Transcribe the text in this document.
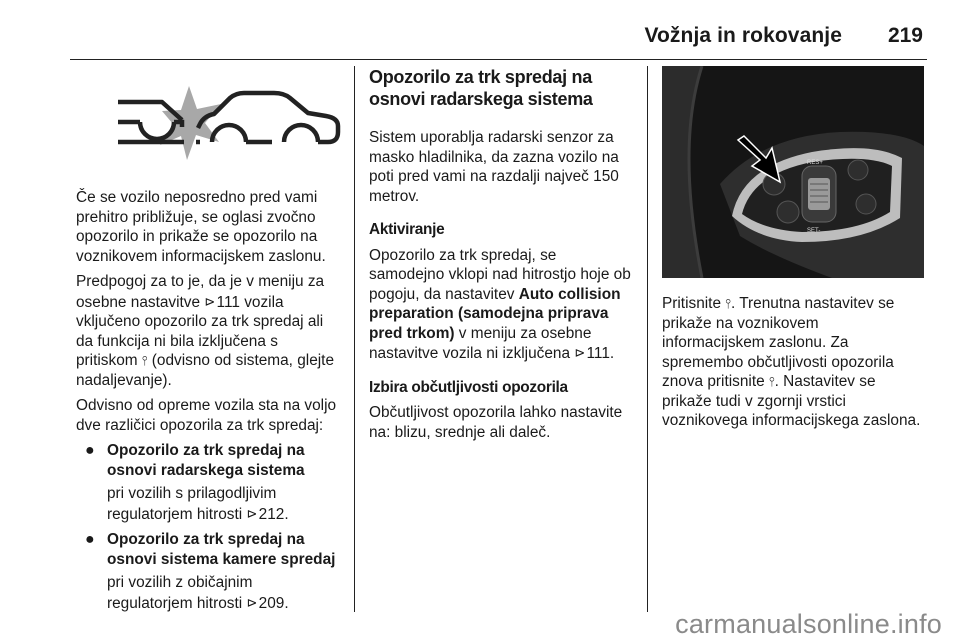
Vožnja in rokovanje 219

Če se vozilo neposredno pred vami prehitro približuje, se oglasi zvočno opozorilo in prikaže se opozorilo na voznikovem informacijskem zaslonu.

Predpogoj za to je, da je v meniju za osebne nastavitve ⊳ 111 vozila vključeno opozorilo za trk spredaj ali da funkcija ni bila izključena s pritiskom ⫯ (odvisno od sistema, glejte nadaljevanje).

Odvisno od opreme vozila sta na voljo dve različici opozorila za trk spredaj:

● Opozorilo za trk spredaj na osnovi radarskega sistema

pri vozilih s prilagodljivim regulatorjem hitrosti ⊳ 212.

● Opozorilo za trk spredaj na osnovi sistema kamere spredaj

pri vozilih z običajnim regulatorjem hitrosti ⊳ 209.

Opozorilo za trk spredaj na osnovi radarskega sistema

Sistem uporablja radarski senzor za masko hladilnika, da zazna vozilo na poti pred vami na razdalji največ 150 metrov.

Aktiviranje

Opozorilo za trk spredaj, se samodejno vklopi nad hitrostjo hoje ob pogoju, da nastavitev Auto collision preparation (samodejna priprava pred trkom) v meniju za osebne nastavitve vozila ni izključena ⊳ 111.

Izbira občutljivosti opozorila

Občutljivost opozorila lahko nastavite na: blizu, srednje ali daleč.

RES+
SET-

Pritisnite ⫯. Trenutna nastavitev se prikaže na voznikovem informacijskem zaslonu. Za spremembo občutljivosti opozorila znova pritisnite ⫯. Nastavitev se prikaže tudi v zgornji vrstici voznikovega informacijskega zaslona.

carmanualsonline.info
